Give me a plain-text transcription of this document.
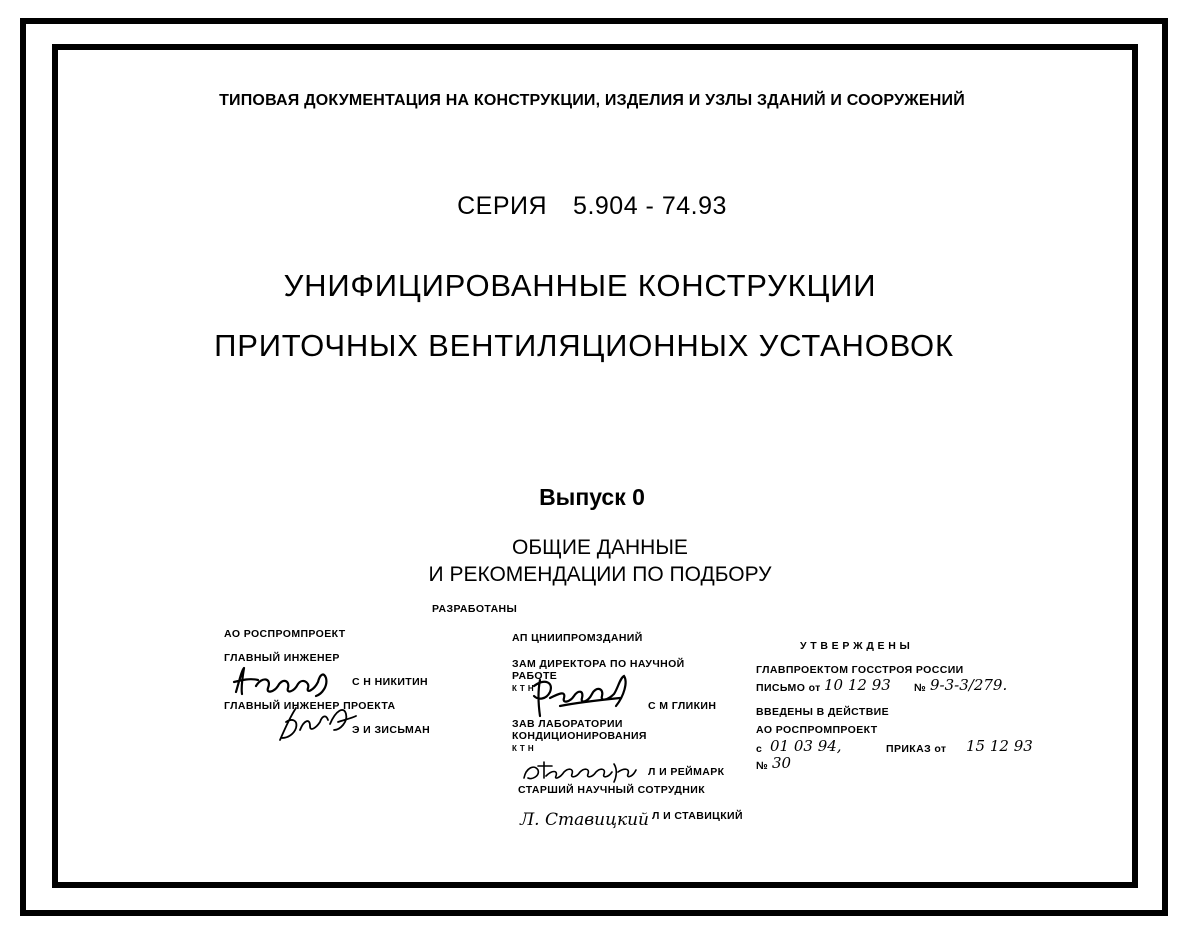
ТИПОВАЯ ДОКУМЕНТАЦИЯ НА КОНСТРУКЦИИ, ИЗДЕЛИЯ И УЗЛЫ ЗДАНИЙ И СООРУЖЕНИЙ
СЕРИЯ 5.904 - 74.93
УНИФИЦИРОВАННЫЕ КОНСТРУКЦИИ
ПРИТОЧНЫХ ВЕНТИЛЯЦИОННЫХ УСТАНОВОК
Выпуск 0
ОБЩИЕ ДАННЫЕ
И РЕКОМЕНДАЦИИ ПО ПОДБОРУ
РАЗРАБОТАНЫ
АО РОСПРОМПРОЕКТ
ГЛАВНЫЙ ИНЖЕНЕР
С Н НИКИТИН
ГЛАВНЫЙ ИНЖЕНЕР ПРОЕКТА
Э И ЗИСЬМАН
АП ЦНИИПРОМЗДАНИЙ
ЗАМ ДИРЕКТОРА ПО НАУЧНОЙ
РАБОТЕ
К Т Н
С М ГЛИКИН
ЗАВ ЛАБОРАТОРИИ
КОНДИЦИОНИРОВАНИЯ
К Т Н
Л И РЕЙМАРК
СТАРШИЙ НАУЧНЫЙ СОТРУДНИК
Л. Ставицкий Л И СТАВИЦКИЙ
У Т В Е Р Ж Д Е Н Ы
ГЛАВПРОЕКТОМ ГОССТРОЯ РОССИИ
ПИСЬМО от 10 12 93 № 9-3-3/279.
ВВЕДЕНЫ В ДЕЙСТВИЕ
АО РОСПРОМПРОЕКТ
с 01 03 94,	ПРИКАЗ от 15 12 93
№ 30
